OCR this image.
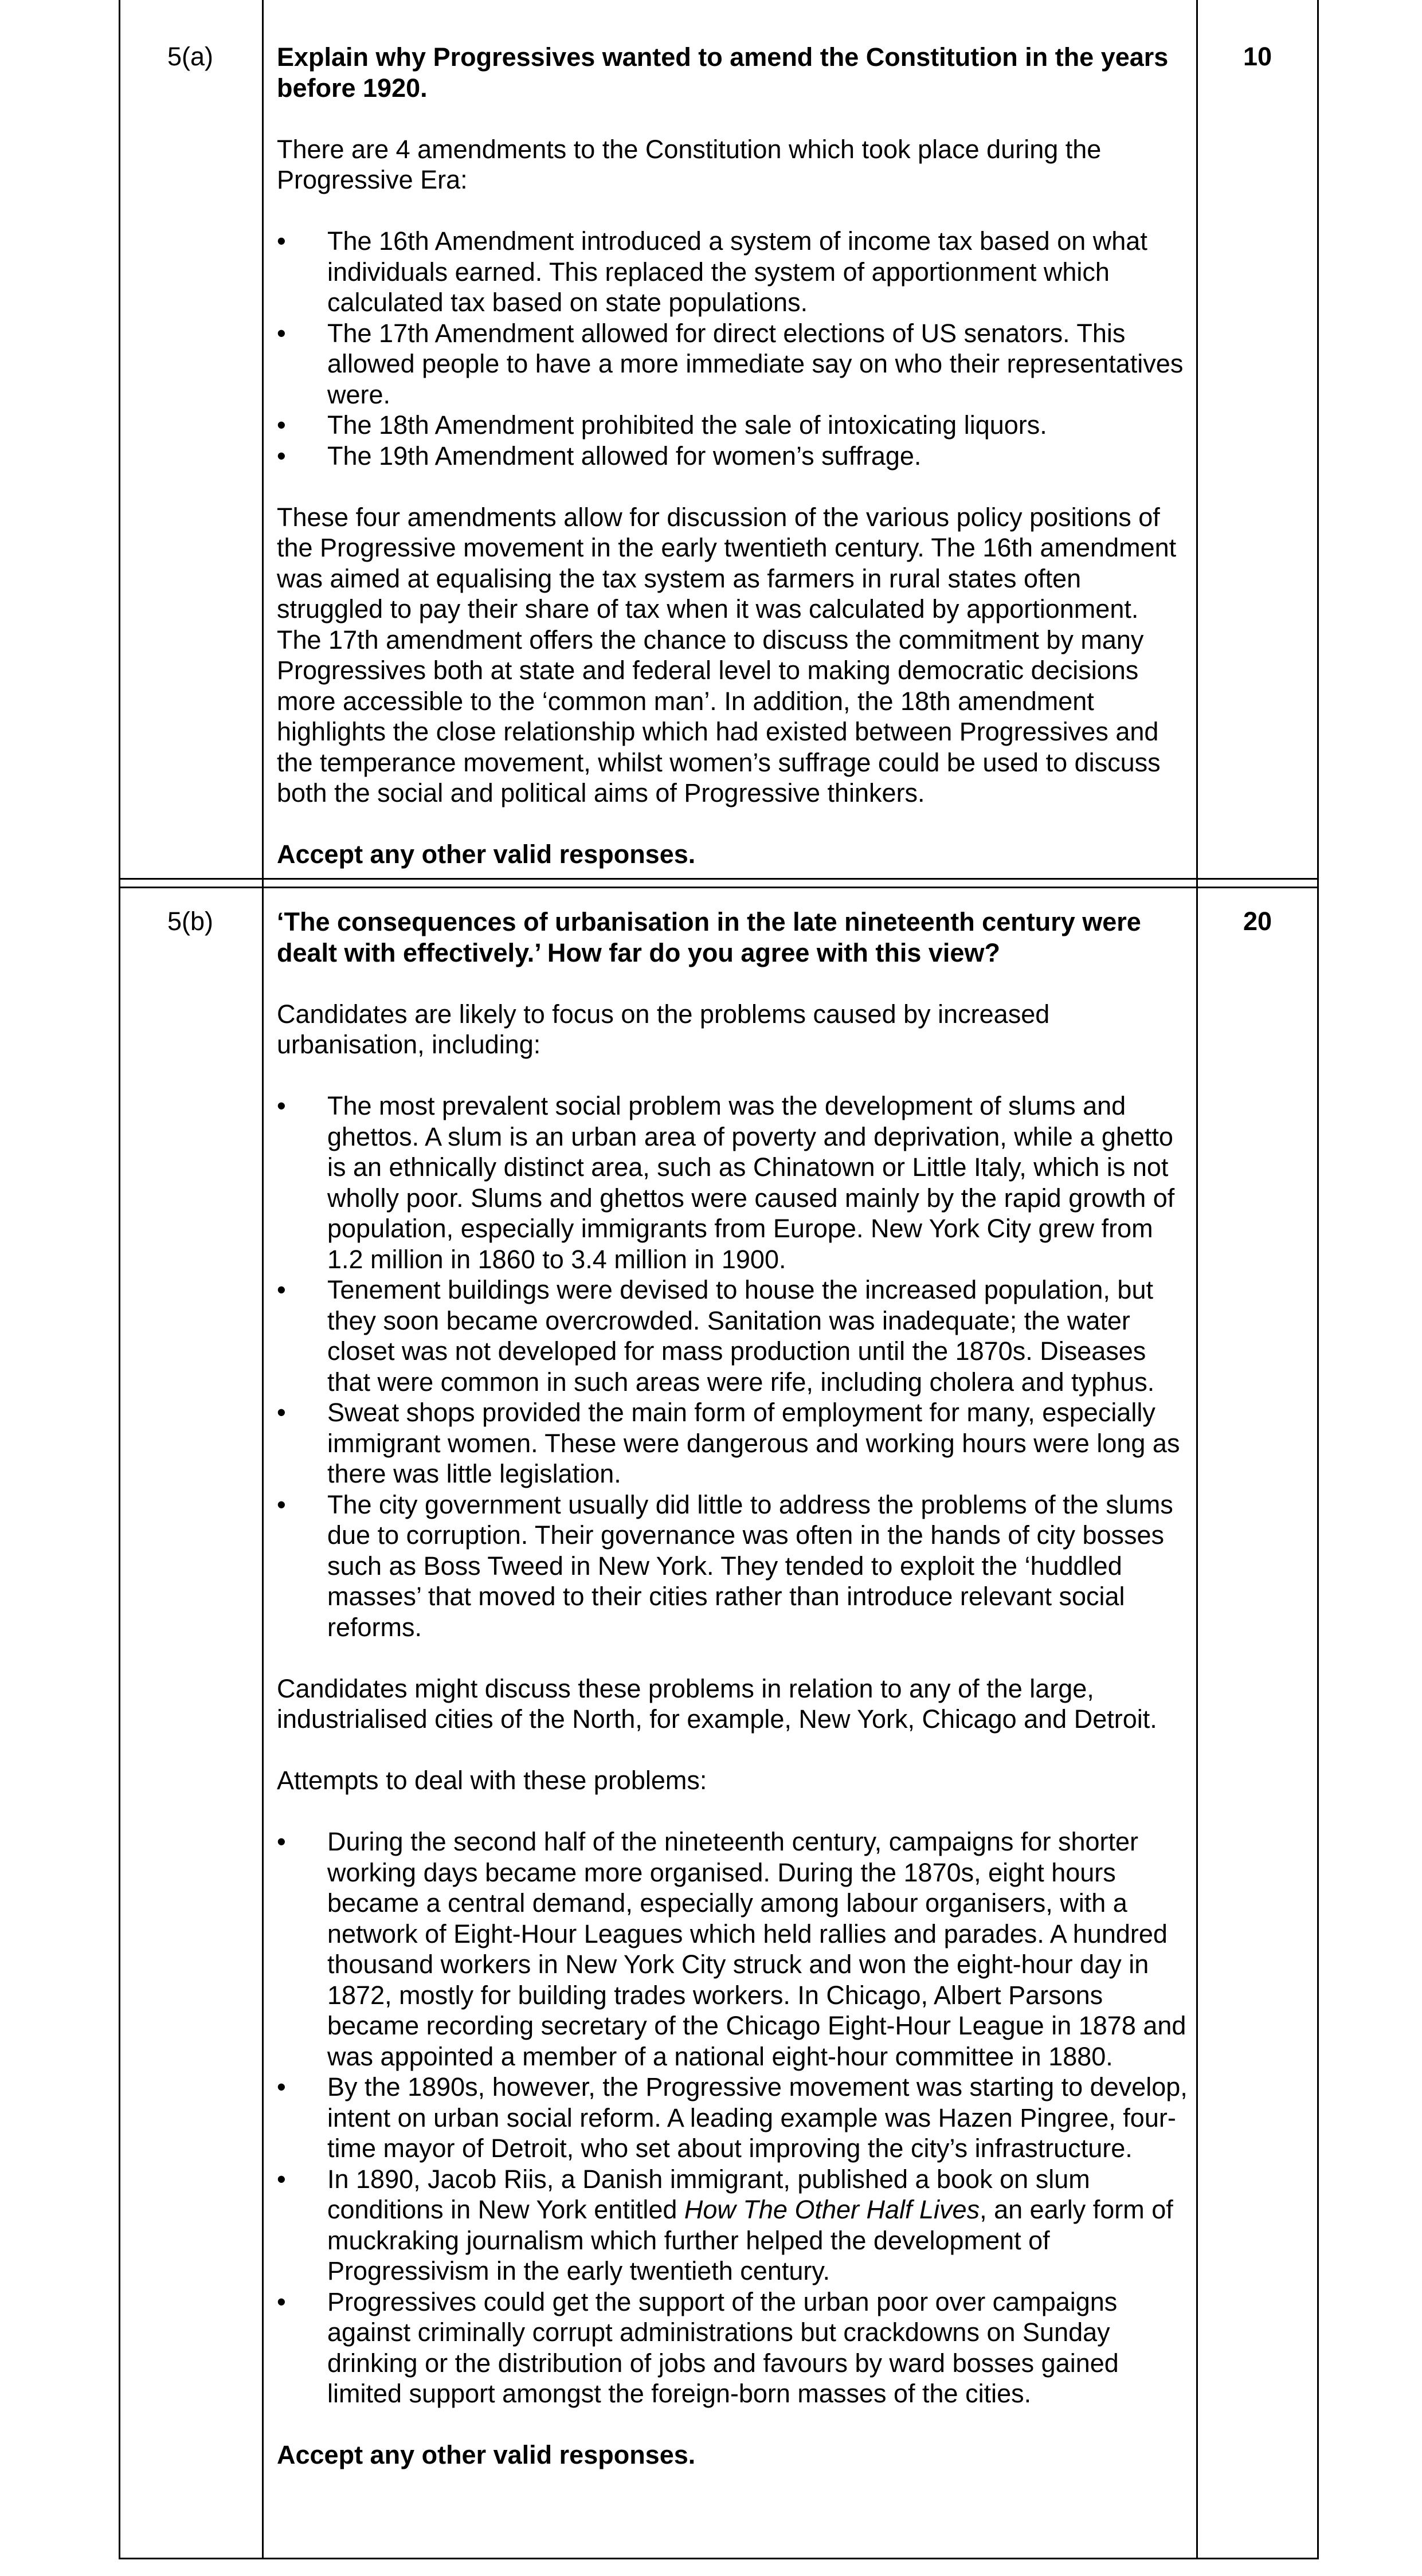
5(a)	10

Explain why Progressives wanted to amend the Constitution in the years before 1920.

There are 4 amendments to the Constitution which took place during the Progressive Era:

• The 16th Amendment introduced a system of income tax based on what individuals earned. This replaced the system of apportionment which calculated tax based on state populations.
• The 17th Amendment allowed for direct elections of US senators. This allowed people to have a more immediate say on who their representatives were.
• The 18th Amendment prohibited the sale of intoxicating liquors.
• The 19th Amendment allowed for women’s suffrage.

These four amendments allow for discussion of the various policy positions of the Progressive movement in the early twentieth century. The 16th amendment was aimed at equalising the tax system as farmers in rural states often struggled to pay their share of tax when it was calculated by apportionment. The 17th amendment offers the chance to discuss the commitment by many Progressives both at state and federal level to making democratic decisions more accessible to the ‘common man’. In addition, the 18th amendment highlights the close relationship which had existed between Progressives and the temperance movement, whilst women’s suffrage could be used to discuss both the social and political aims of Progressive thinkers.

Accept any other valid responses.

5(b)	20

‘The consequences of urbanisation in the late nineteenth century were dealt with effectively.’ How far do you agree with this view?

Candidates are likely to focus on the problems caused by increased urbanisation, including:

• The most prevalent social problem was the development of slums and ghettos. A slum is an urban area of poverty and deprivation, while a ghetto is an ethnically distinct area, such as Chinatown or Little Italy, which is not wholly poor. Slums and ghettos were caused mainly by the rapid growth of population, especially immigrants from Europe. New York City grew from 1.2 million in 1860 to 3.4 million in 1900.
• Tenement buildings were devised to house the increased population, but they soon became overcrowded. Sanitation was inadequate; the water closet was not developed for mass production until the 1870s. Diseases that were common in such areas were rife, including cholera and typhus.
• Sweat shops provided the main form of employment for many, especially immigrant women. These were dangerous and working hours were long as there was little legislation.
• The city government usually did little to address the problems of the slums due to corruption. Their governance was often in the hands of city bosses such as Boss Tweed in New York. They tended to exploit the ‘huddled masses’ that moved to their cities rather than introduce relevant social reforms.

Candidates might discuss these problems in relation to any of the large, industrialised cities of the North, for example, New York, Chicago and Detroit.

Attempts to deal with these problems:

• During the second half of the nineteenth century, campaigns for shorter working days became more organised. During the 1870s, eight hours became a central demand, especially among labour organisers, with a network of Eight-Hour Leagues which held rallies and parades. A hundred thousand workers in New York City struck and won the eight-hour day in 1872, mostly for building trades workers. In Chicago, Albert Parsons became recording secretary of the Chicago Eight-Hour League in 1878 and was appointed a member of a national eight-hour committee in 1880.
• By the 1890s, however, the Progressive movement was starting to develop, intent on urban social reform. A leading example was Hazen Pingree, four-time mayor of Detroit, who set about improving the city’s infrastructure.
• In 1890, Jacob Riis, a Danish immigrant, published a book on slum conditions in New York entitled How The Other Half Lives, an early form of muckraking journalism which further helped the development of Progressivism in the early twentieth century.
• Progressives could get the support of the urban poor over campaigns against criminally corrupt administrations but crackdowns on Sunday drinking or the distribution of jobs and favours by ward bosses gained limited support amongst the foreign-born masses of the cities.

Accept any other valid responses.
